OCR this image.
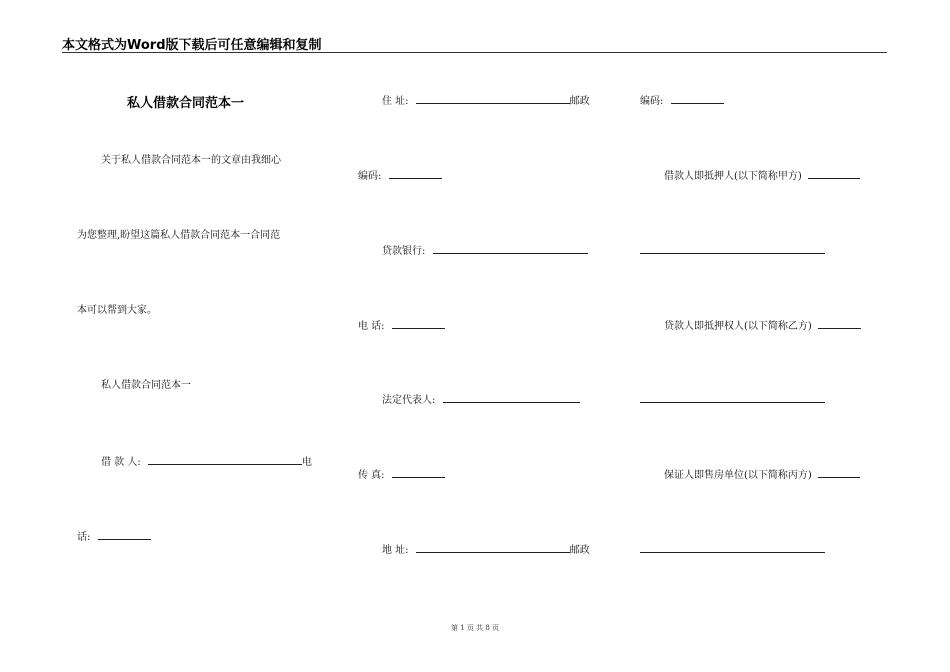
本文格式为Word版下载后可任意编辑和复制
私人借款合同范本一
关于私人借款合同范本一的文章由我细心
为您整理,盼望这篇私人借款合同范本一合同范
本可以帮到大家。
私人借款合同范本一
借 款 人:	电
话:
住 址:	邮政
编码:
贷款银行:
电 话:
法定代表人:
传 真:
地 址:	邮政
编码:
借款人即抵押人(以下简称甲方)
贷款人即抵押权人(以下简称乙方)
保证人即售房单位(以下简称丙方)
第 1 页 共 8 页
